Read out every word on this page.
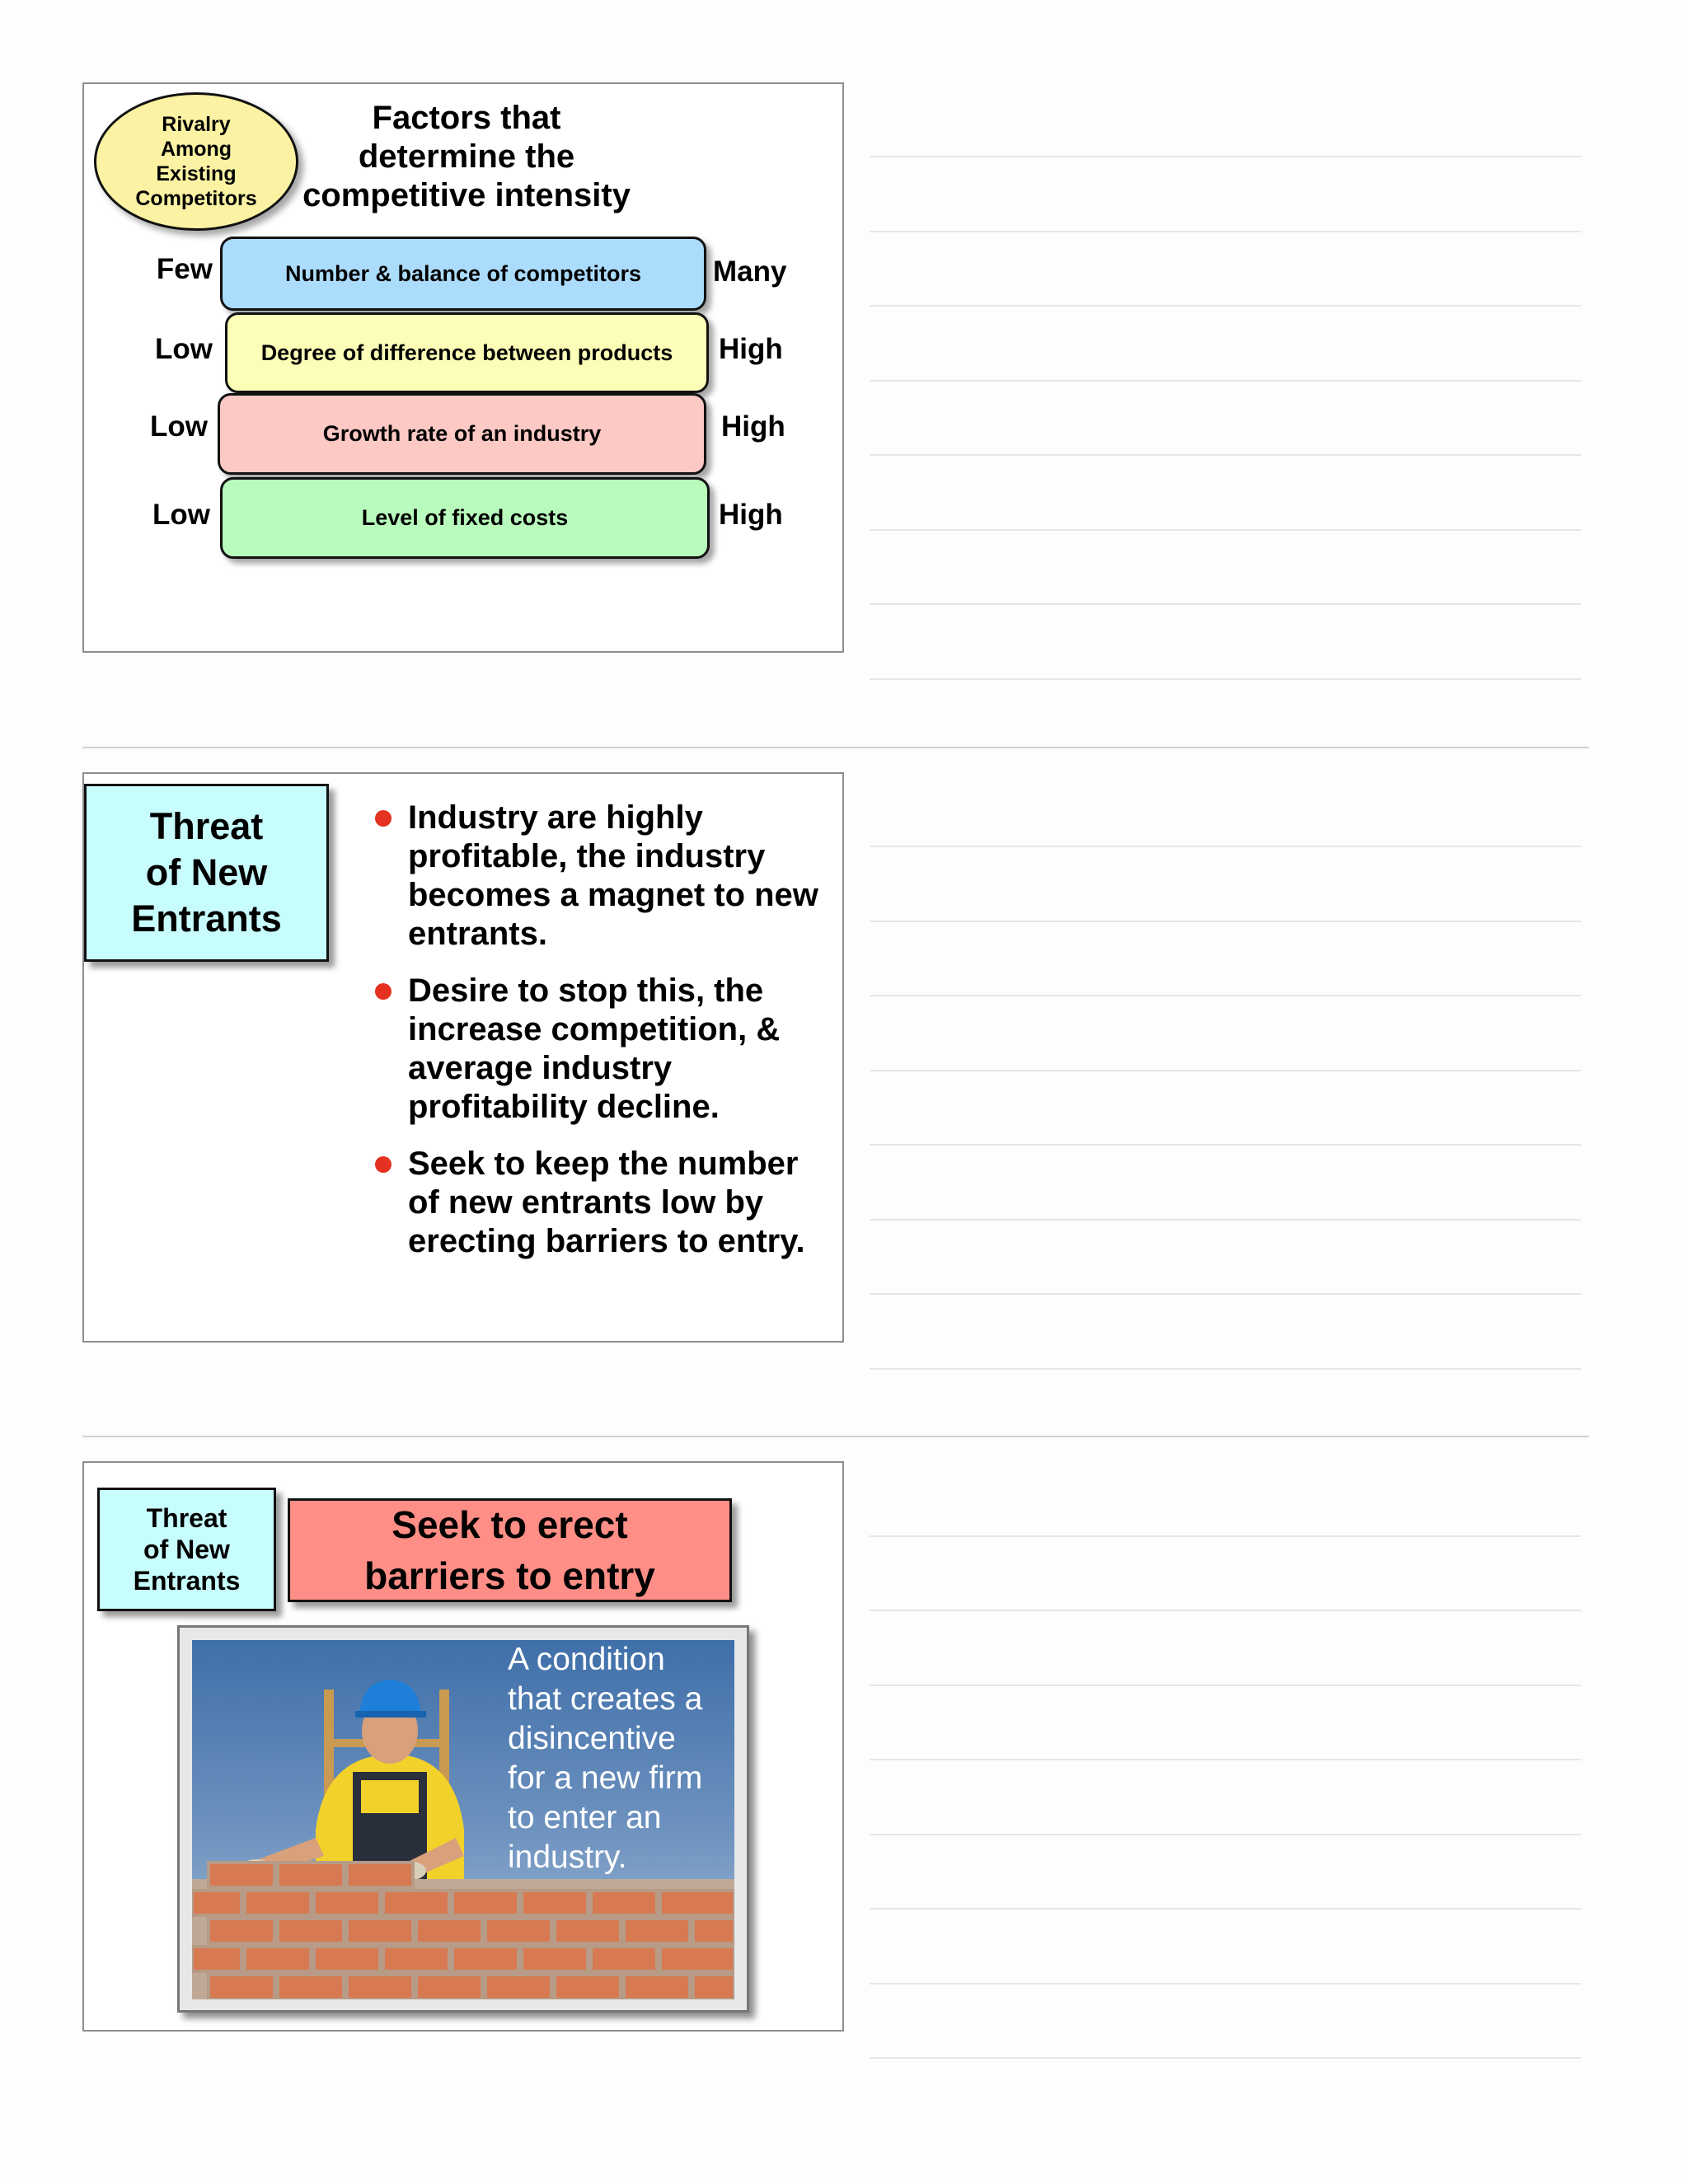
Rivalry
Among
Existing
Competitors
Factors that
determine the
competitive intensity
Few	Number & balance of competitors	Many
Low	Degree of difference between products	High
Low	Growth rate of an industry	High
Low	Level of fixed costs	High
Threat
of New
Entrants
Industry are highly profitable, the industry becomes a magnet to new entrants.
Desire to stop this, the increase competition, & average industry profitability decline.
Seek to keep the number of new entrants low by erecting barriers to entry.
Threat
of New
Entrants
Seek to erect
barriers to entry
A condition
that creates a
disincentive
for a new firm
to enter an
industry.
